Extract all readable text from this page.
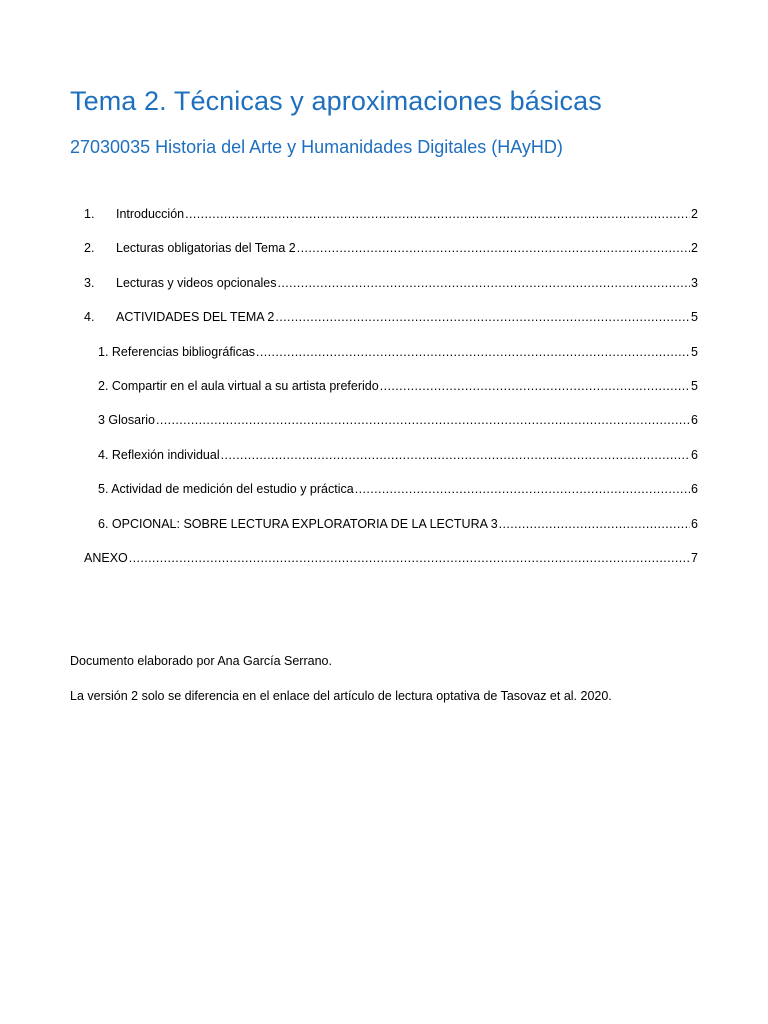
Tema 2. Técnicas y aproximaciones básicas
27030035 Historia del Arte y Humanidades Digitales (HAyHD)
1.	Introducción .....	2
2.	Lecturas obligatorias del Tema 2 .....	2
3.	Lecturas y videos opcionales .....	3
4.	ACTIVIDADES DEL TEMA 2 .....	5
1. Referencias bibliográficas .....	5
2. Compartir en el aula virtual a su artista preferido .....	5
3 Glosario .....	6
4. Reflexión individual .....	6
5. Actividad de medición del estudio y práctica .....	6
6. OPCIONAL: SOBRE LECTURA EXPLORATORIA DE LA LECTURA 3 .....	6
ANEXO .....	7
Documento elaborado por Ana García Serrano.
La versión 2 solo se diferencia en el enlace del artículo de lectura optativa de Tasovaz et al. 2020.
